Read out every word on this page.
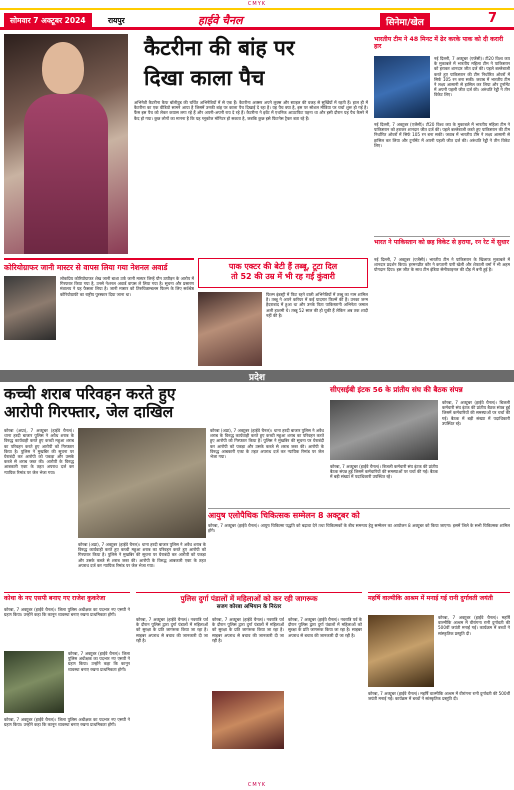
CMYK
सोमवार 7 अक्टूबर 2024	रायपुर	हाईवे चैनल	सिनेमा/खेल	7
कैटरीना की बांह पर
दिखा काला पैच
अभिनेत्री कैटरीना कैफ बॉलीवुड की चर्चित अभिनेत्रियों में से एक हैं। कैटरीना अक्सर अपने लुक्स और स्टाइल की वजह से सुर्खियों में रहती हैं। हाल ही में कैटरीना का एक वीडियो सामने आया है जिसमें उनकी बांह पर काला पैच दिखाई दे रहा है। यह पैच क्या है, इस पर सोशल मीडिया पर चर्चा शुरू हो गई है। फैंस इस पैच को लेकर कयास लगा रहे हैं और अपनी-अपनी राय दे रहे हैं। कैटरीना ने इवेंट में एथनिक आउटफिट पहना था और इसी दौरान यह पैच कैमरे में कैद हो गया। कुछ लोगों का मानना है कि यह ग्लूकोज मॉनिटर हो सकता है, जबकि कुछ इसे फिटनेस ट्रैकर बता रहे हैं।
कोरियोग्राफर जानी मास्टर से वापस लिया गया नेशनल अवार्ड
लोकप्रिय कोरियोग्राफर शेख जानी बाशा उर्फ जानी मास्टर जिन्हें यौन उत्पीड़न के आरोप में गिरफ्तार किया गया है, उनसे नेशनल अवार्ड वापस ले लिया गया है। सूचना और प्रसारण मंत्रालय ने यह फैसला लिया है। जानी मास्टर को तिरुचित्राम्बलम फिल्म के लिए सर्वश्रेष्ठ कोरियोग्राफी का राष्ट्रीय पुरस्कार दिया जाना था।
पाक एक्टर की बेटी हैं तब्बू, टूटा दिल
तो 52 की उम्र में भी रह गईं कुंवारी
फिल्म इंडस्ट्री में फिट रहने वाली अभिनेत्रियों में तब्बू का नाम शामिल है। तब्बू ने अपने करियर में कई यादगार फिल्में की हैं। उनका जन्म हैदराबाद में हुआ था और उनके पिता पाकिस्तानी अभिनेता जमाल अली हाशमी थे। तब्बू 52 साल की हो चुकी हैं लेकिन अब तक शादी नहीं की है।
भारतीय टीम ने 48 मिनट में ढेर करके पाक को दी करारी हार
नई दिल्ली, 7 अक्टूबर (एजेंसी)। टी20 विश्व कप के मुकाबले में भारतीय महिला टीम ने पाकिस्तान को हराकर शानदार जीत दर्ज की। पहले बल्लेबाजी करते हुए पाकिस्तान की टीम निर्धारित ओवरों में सिर्फ 105 रन बना सकी। जवाब में भारतीय टीम ने लक्ष्य आसानी से हासिल कर लिया और टूर्नामेंट में अपनी पहली जीत दर्ज की। अरुंधति रेड्डी ने तीन विकेट लिए।
नई दिल्ली, 7 अक्टूबर (एजेंसी)। टी20 विश्व कप के मुकाबले में भारतीय महिला टीम ने पाकिस्तान को हराकर शानदार जीत दर्ज की। पहले बल्लेबाजी करते हुए पाकिस्तान की टीम निर्धारित ओवरों में सिर्फ 105 रन बना सकी। जवाब में भारतीय टीम ने लक्ष्य आसानी से हासिल कर लिया और टूर्नामेंट में अपनी पहली जीत दर्ज की। अरुंधति रेड्डी ने तीन विकेट लिए।
भारत ने पाकिस्तान को छह विकेट से हराया, रन रेट में सुधार
नई दिल्ली, 7 अक्टूबर (एजेंसी)। भारतीय टीम ने पाकिस्तान के खिलाफ मुकाबले में शानदार प्रदर्शन किया। हरमनप्रीत कौर ने कप्तानी पारी खेली और शेफाली वर्मा ने भी अहम योगदान दिया। इस जीत के साथ टीम इंडिया सेमीफाइनल की दौड़ में बनी हुई है।
प्रदेश
कच्ची शराब परिवहन करते हुए
आरोपी गिरफ्तार, जेल दाखिल
कोरबा (अप्रा), 7 अक्टूबर (हाईवे चैनल)। थाना हरदी बाजार पुलिस ने अवैध शराब के विरुद्ध कार्यवाही करते हुए कच्ची महुआ शराब का परिवहन करते हुए आरोपी को गिरफ्तार किया है। पुलिस ने मुखबिर की सूचना पर घेराबंदी कर आरोपी को पकड़ा और उसके कब्जे से शराब जब्त की। आरोपी के विरुद्ध आबकारी एक्ट के तहत अपराध दर्ज कर न्यायिक रिमांड पर जेल भेजा गया।
कोरबा (अप्रा), 7 अक्टूबर (हाईवे चैनल)। थाना हरदी बाजार पुलिस ने अवैध शराब के विरुद्ध कार्यवाही करते हुए कच्ची महुआ शराब का परिवहन करते हुए आरोपी को गिरफ्तार किया है। पुलिस ने मुखबिर की सूचना पर घेराबंदी कर आरोपी को पकड़ा और उसके कब्जे से शराब जब्त की। आरोपी के विरुद्ध आबकारी एक्ट के तहत अपराध दर्ज कर न्यायिक रिमांड पर जेल भेजा गया।
कोरबा (अप्रा), 7 अक्टूबर (हाईवे चैनल)। थाना हरदी बाजार पुलिस ने अवैध शराब के विरुद्ध कार्यवाही करते हुए कच्ची महुआ शराब का परिवहन करते हुए आरोपी को गिरफ्तार किया है। पुलिस ने मुखबिर की सूचना पर घेराबंदी कर आरोपी को पकड़ा और उसके कब्जे से शराब जब्त की। आरोपी के विरुद्ध आबकारी एक्ट के तहत अपराध दर्ज कर न्यायिक रिमांड पर जेल भेजा गया।
सीएसईबी इंटक 56 के प्रांतीय संघ की बैठक संपन्न
कोरबा, 7 अक्टूबर (हाईवे चैनल)। बिजली कर्मचारी संघ इंटक की प्रांतीय बैठक संपन्न हुई जिसमें कर्मचारियों की समस्याओं पर चर्चा की गई। बैठक में बड़ी संख्या में पदाधिकारी उपस्थित रहे।
कोरबा, 7 अक्टूबर (हाईवे चैनल)। बिजली कर्मचारी संघ इंटक की प्रांतीय बैठक संपन्न हुई जिसमें कर्मचारियों की समस्याओं पर चर्चा की गई। बैठक में बड़ी संख्या में पदाधिकारी उपस्थित रहे।
आयुष एलोपैथिक चिकित्सक सम्मेलन 8 अक्टूबर को
कोरबा, 7 अक्टूबर (हाईवे चैनल)। आयुष चिकित्सा पद्धति को बढ़ावा देने तथा चिकित्सकों के बीच समन्वय हेतु सम्मेलन का आयोजन 8 अक्टूबर को किया जाएगा। इसमें जिले के सभी चिकित्सक शामिल होंगे।
कोथा के नए एसपी बनाए गए राजेश कुकरेजा
कोरबा, 7 अक्टूबर (हाईवे चैनल)। जिला पुलिस अधीक्षक का पदभार नए एसपी ने ग्रहण किया। उन्होंने कहा कि कानून व्यवस्था बनाए रखना प्राथमिकता होगी।
कोरबा, 7 अक्टूबर (हाईवे चैनल)। जिला पुलिस अधीक्षक का पदभार नए एसपी ने ग्रहण किया। उन्होंने कहा कि कानून व्यवस्था बनाए रखना प्राथमिकता होगी।
कोरबा, 7 अक्टूबर (हाईवे चैनल)। जिला पुलिस अधीक्षक का पदभार नए एसपी ने ग्रहण किया। उन्होंने कहा कि कानून व्यवस्था बनाए रखना प्राथमिकता होगी।
पुलिस दुर्गा पंडालों में महिलाओं को कर रही जागरूक
सजग कोरबा अभियान के निरंतर
कोरबा, 7 अक्टूबर (हाईवे चैनल)। नवरात्रि पर्व के दौरान पुलिस द्वारा दुर्गा पंडालों में महिलाओं को सुरक्षा के प्रति जागरूक किया जा रहा है। साइबर अपराध से बचाव की जानकारी दी जा रही है।
कोरबा, 7 अक्टूबर (हाईवे चैनल)। नवरात्रि पर्व के दौरान पुलिस द्वारा दुर्गा पंडालों में महिलाओं को सुरक्षा के प्रति जागरूक किया जा रहा है। साइबर अपराध से बचाव की जानकारी दी जा रही है।
कोरबा, 7 अक्टूबर (हाईवे चैनल)। नवरात्रि पर्व के दौरान पुलिस द्वारा दुर्गा पंडालों में महिलाओं को सुरक्षा के प्रति जागरूक किया जा रहा है। साइबर अपराध से बचाव की जानकारी दी जा रही है।
महर्षि वाल्मीकि आश्रम में मनाई गई रानी दुर्गावती जयंती
कोरबा, 7 अक्टूबर (हाईवे चैनल)। महर्षि वाल्मीकि आश्रम में वीरांगना रानी दुर्गावती की 500वीं जयंती मनाई गई। कार्यक्रम में बच्चों ने सांस्कृतिक प्रस्तुति दी।
कोरबा, 7 अक्टूबर (हाईवे चैनल)। महर्षि वाल्मीकि आश्रम में वीरांगना रानी दुर्गावती की 500वीं जयंती मनाई गई। कार्यक्रम में बच्चों ने सांस्कृतिक प्रस्तुति दी।
CMYK
